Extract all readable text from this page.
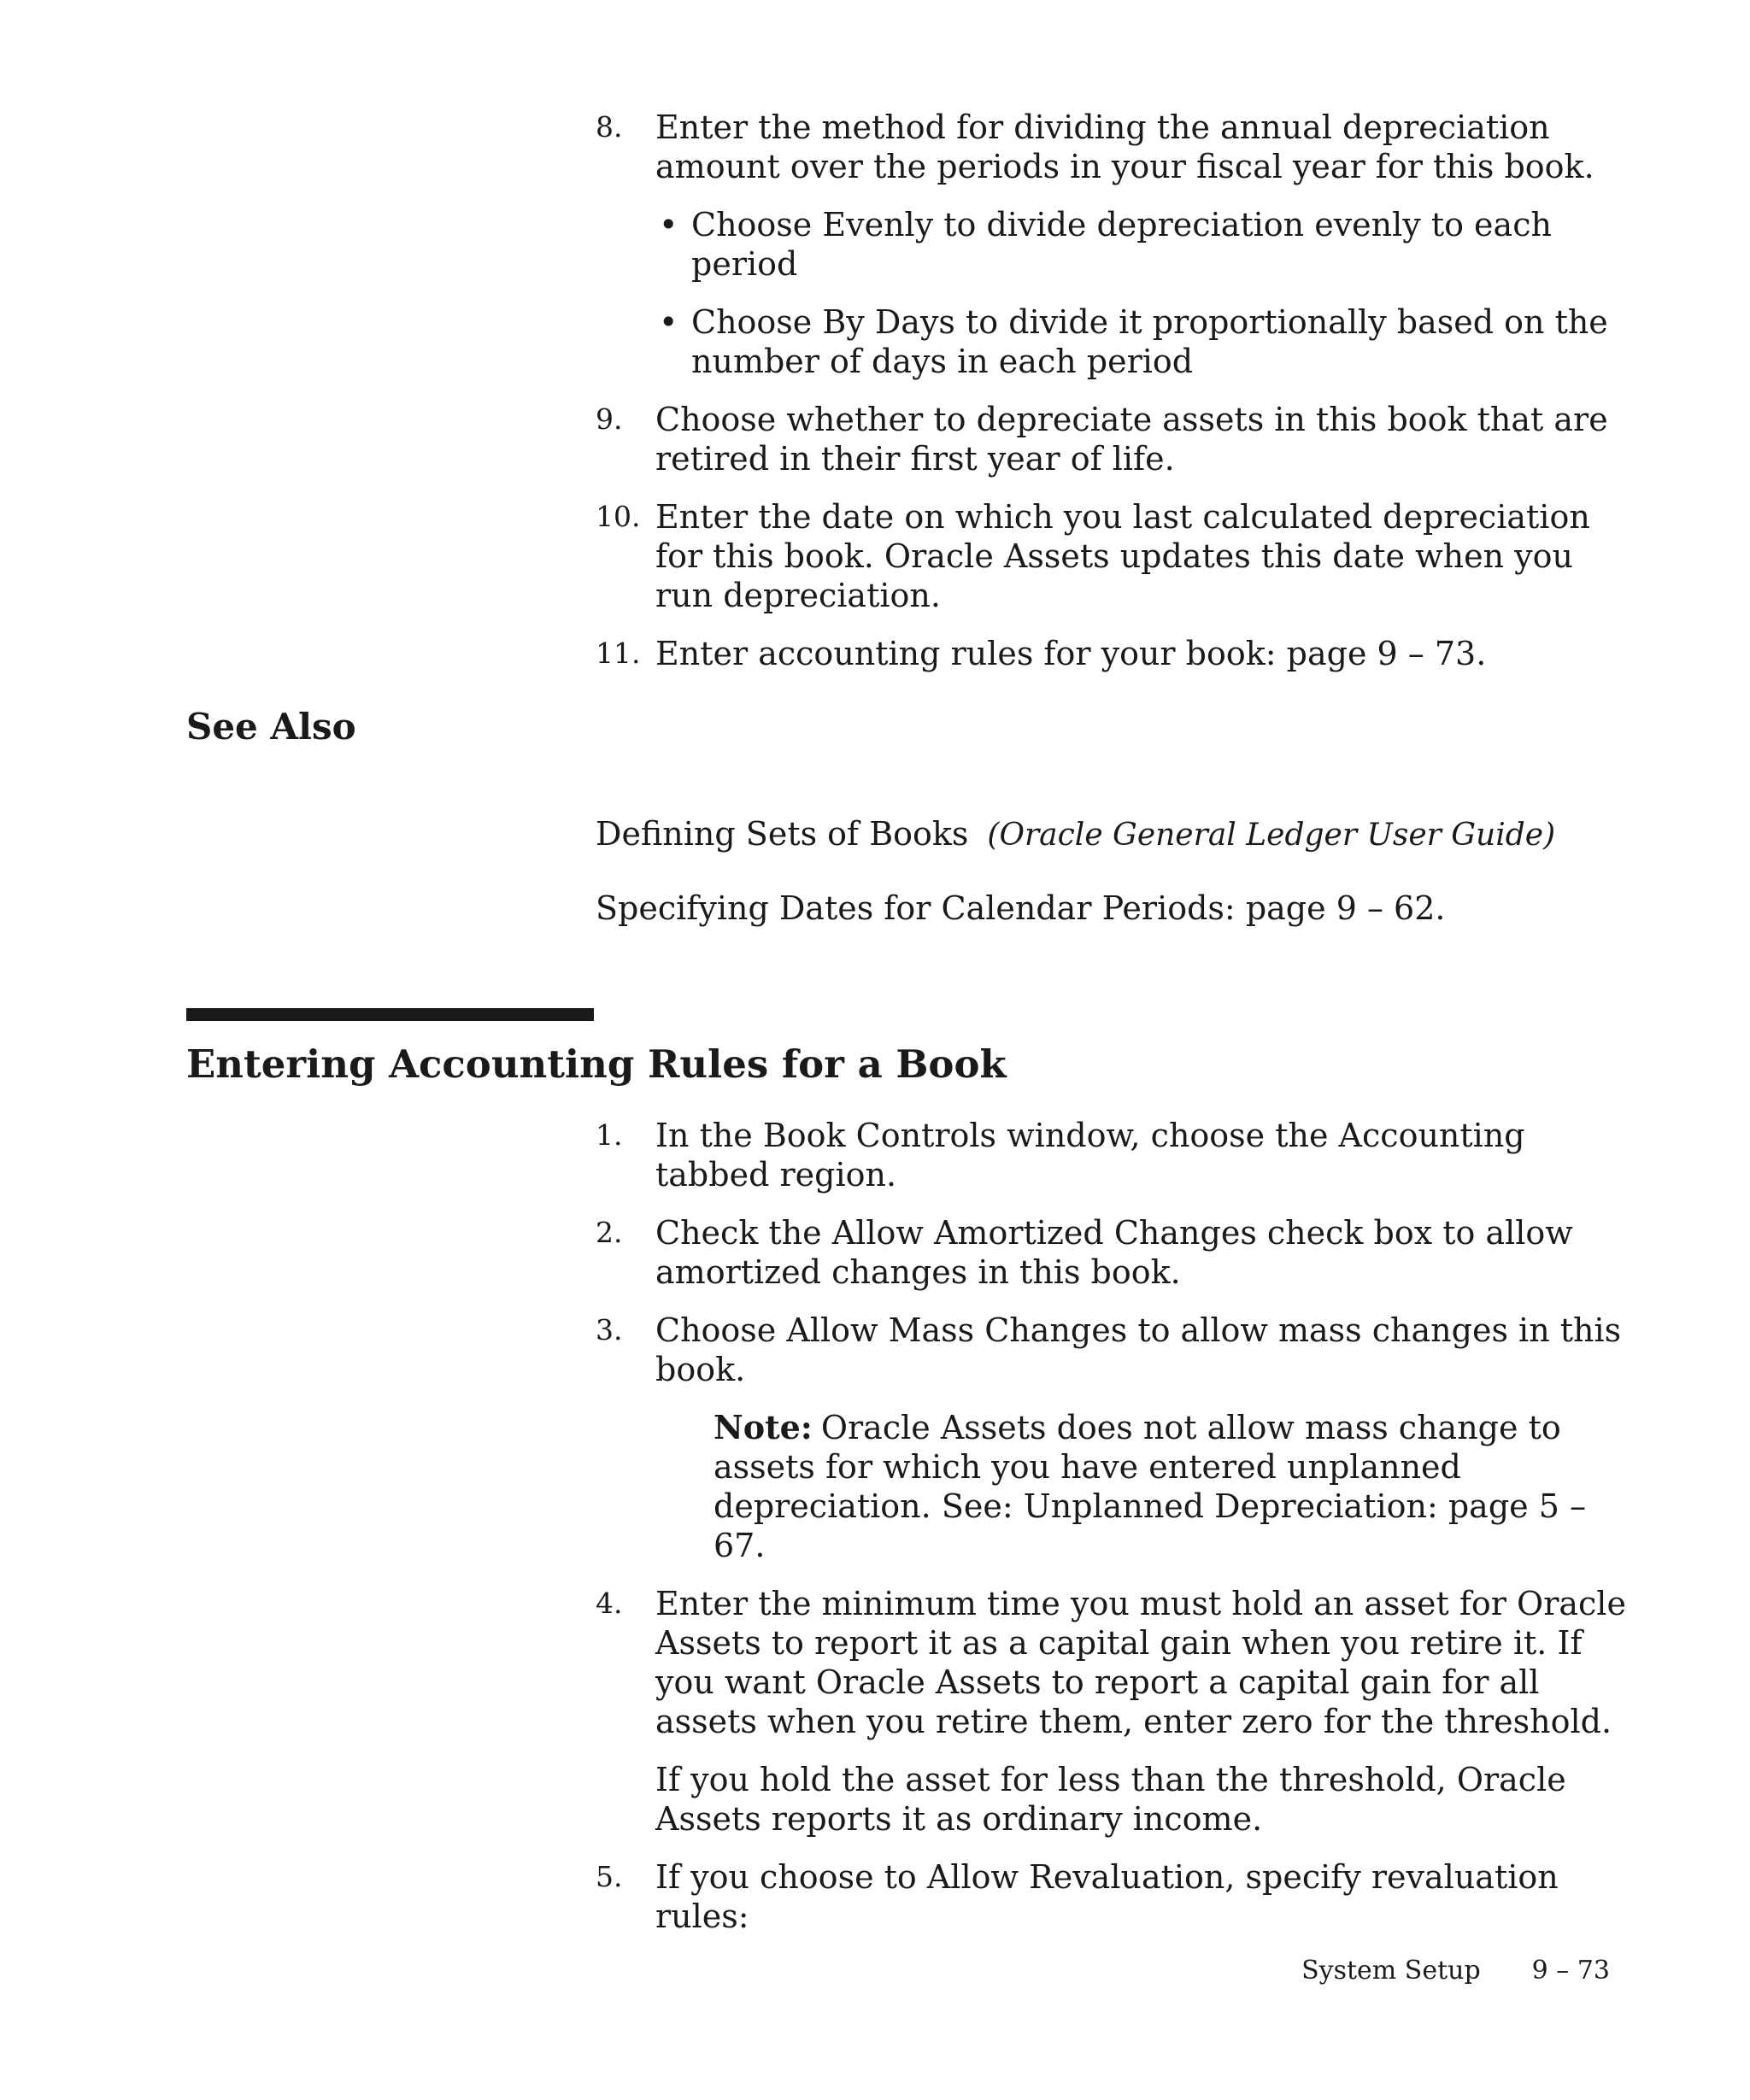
8.	Enter the method for dividing the annual depreciation amount over the periods in your fiscal year for this book.
• Choose Evenly to divide depreciation evenly to each period
• Choose By Days to divide it proportionally based on the number of days in each period
9.	Choose whether to depreciate assets in this book that are retired in their first year of life.
10. Enter the date on which you last calculated depreciation for this book. Oracle Assets updates this date when you run depreciation.
11. Enter accounting rules for your book: page 9 – 73.
See Also

Defining Sets of Books (Oracle General Ledger User Guide)

Specifying Dates for Calendar Periods: page 9 – 62.

Entering Accounting Rules for a Book
1.	In the Book Controls window, choose the Accounting tabbed region.
2.	Check the Allow Amortized Changes check box to allow amortized changes in this book.
3.	Choose Allow Mass Changes to allow mass changes in this book.
Note: Oracle Assets does not allow mass change to assets for which you have entered unplanned depreciation. See: Unplanned Depreciation: page 5 – 67.
4.	Enter the minimum time you must hold an asset for Oracle Assets to report it as a capital gain when you retire it. If you want Oracle Assets to report a capital gain for all assets when you retire them, enter zero for the threshold.
If you hold the asset for less than the threshold, Oracle Assets reports it as ordinary income.
5.	If you choose to Allow Revaluation, specify revaluation rules:
System Setup 9 – 73
